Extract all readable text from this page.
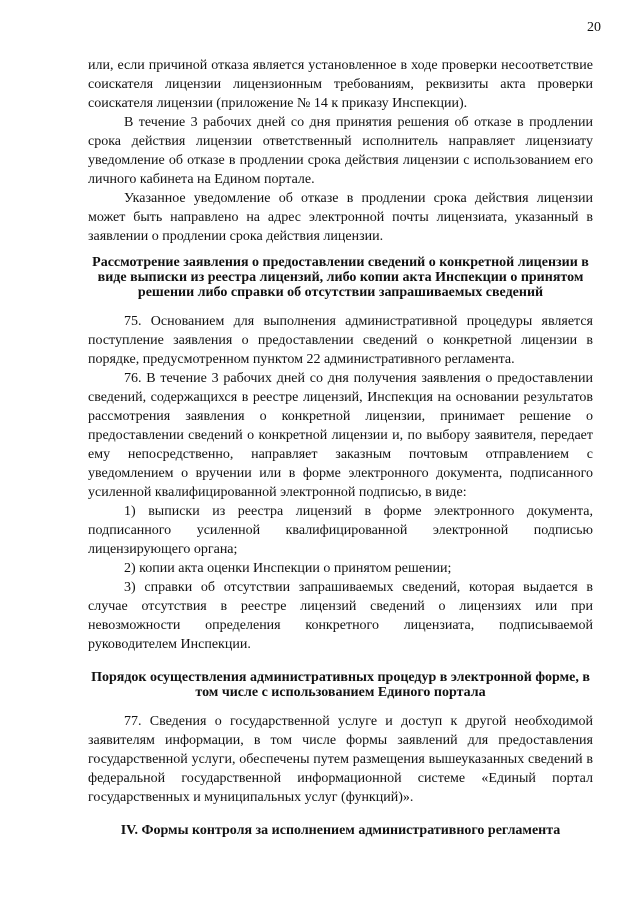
20

или, если причиной отказа является установленное в ходе проверки несоответствие соискателя лицензии лицензионным требованиям, реквизиты акта проверки соискателя лицензии (приложение № 14 к приказу Инспекции).

В течение 3 рабочих дней со дня принятия решения об отказе в продлении срока действия лицензии ответственный исполнитель направляет лицензиату уведомление об отказе в продлении срока действия лицензии с использованием его личного кабинета на Едином портале.

Указанное уведомление об отказе в продлении срока действия лицензии может быть направлено на адрес электронной почты лицензиата, указанный в заявлении о продлении срока действия лицензии.

Рассмотрение заявления о предоставлении сведений о конкретной лицензии в виде выписки из реестра лицензий, либо копии акта Инспекции о принятом решении либо справки об отсутствии запрашиваемых сведений

75. Основанием для выполнения административной процедуры является поступление заявления о предоставлении сведений о конкретной лицензии в порядке, предусмотренном пунктом 22 административного регламента.

76. В течение 3 рабочих дней со дня получения заявления о предоставлении сведений, содержащихся в реестре лицензий, Инспекция на основании результатов рассмотрения заявления о конкретной лицензии, принимает решение о предоставлении сведений о конкретной лицензии и, по выбору заявителя, передает ему непосредственно, направляет заказным почтовым отправлением с уведомлением о вручении или в форме электронного документа, подписанного усиленной квалифицированной электронной подписью, в виде:

1) выписки из реестра лицензий в форме электронного документа, подписанного усиленной квалифицированной электронной подписью лицензирующего органа;

2) копии акта оценки Инспекции о принятом решении;

3) справки об отсутствии запрашиваемых сведений, которая выдается в случае отсутствия в реестре лицензий сведений о лицензиях или при невозможности определения конкретного лицензиата, подписываемой руководителем Инспекции.

Порядок осуществления административных процедур в электронной форме, в том числе с использованием Единого портала

77. Сведения о государственной услуге и доступ к другой необходимой заявителям информации, в том числе формы заявлений для предоставления государственной услуги, обеспечены путем размещения вышеуказанных сведений в федеральной государственной информационной системе «Единый портал государственных и муниципальных услуг (функций)».

IV. Формы контроля за исполнением административного регламента
